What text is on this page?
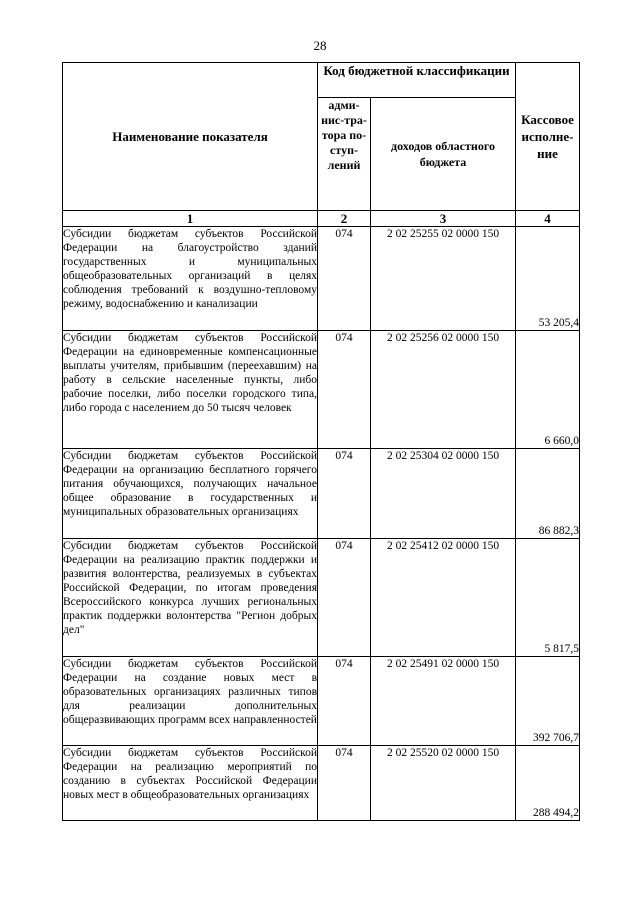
28
Наименование показателя	Код бюджетной классификации		Кассовое исполне-ние
	адми-нис-тра-тора по-ступ-лений	доходов областного бюджета	
1	2	3	4
Субсидии бюджетам субъектов Российской Федерации на благоустройство зданий государственных и муниципальных общеобразовательных организаций в целях соблюдения требований к воздушно-тепловому режиму, водоснабжению и канализации	074	2 02 25255 02 0000 150	53 205,4
Субсидии бюджетам субъектов Российской Федерации на единовременные компенсационные выплаты учителям, прибывшим (переехавшим) на работу в сельские населенные пункты, либо рабочие поселки, либо поселки городского типа, либо города с населением до 50 тысяч человек	074	2 02 25256 02 0000 150	6 660,0
Субсидии бюджетам субъектов Российской Федерации на организацию бесплатного горячего питания обучающихся, получающих начальное общее образование в государственных и муниципальных образовательных организациях	074	2 02 25304 02 0000 150	86 882,3
Субсидии бюджетам субъектов Российской Федерации на реализацию практик поддержки и развития волонтерства, реализуемых в субъектах Российской Федерации, по итогам проведения Всероссийского конкурса лучших региональных практик поддержки волонтерства "Регион добрых дел"	074	2 02 25412 02 0000 150	5 817,5
Субсидии бюджетам субъектов Российской Федерации на создание новых мест в образовательных организациях различных типов для реализации дополнительных общеразвивающих программ всех направленностей	074	2 02 25491 02 0000 150	392 706,7
Субсидии бюджетам субъектов Российской Федерации на реализацию мероприятий по созданию в субъектах Российской Федерации новых мест в общеобразовательных организациях	074	2 02 25520 02 0000 150	288 494,2
